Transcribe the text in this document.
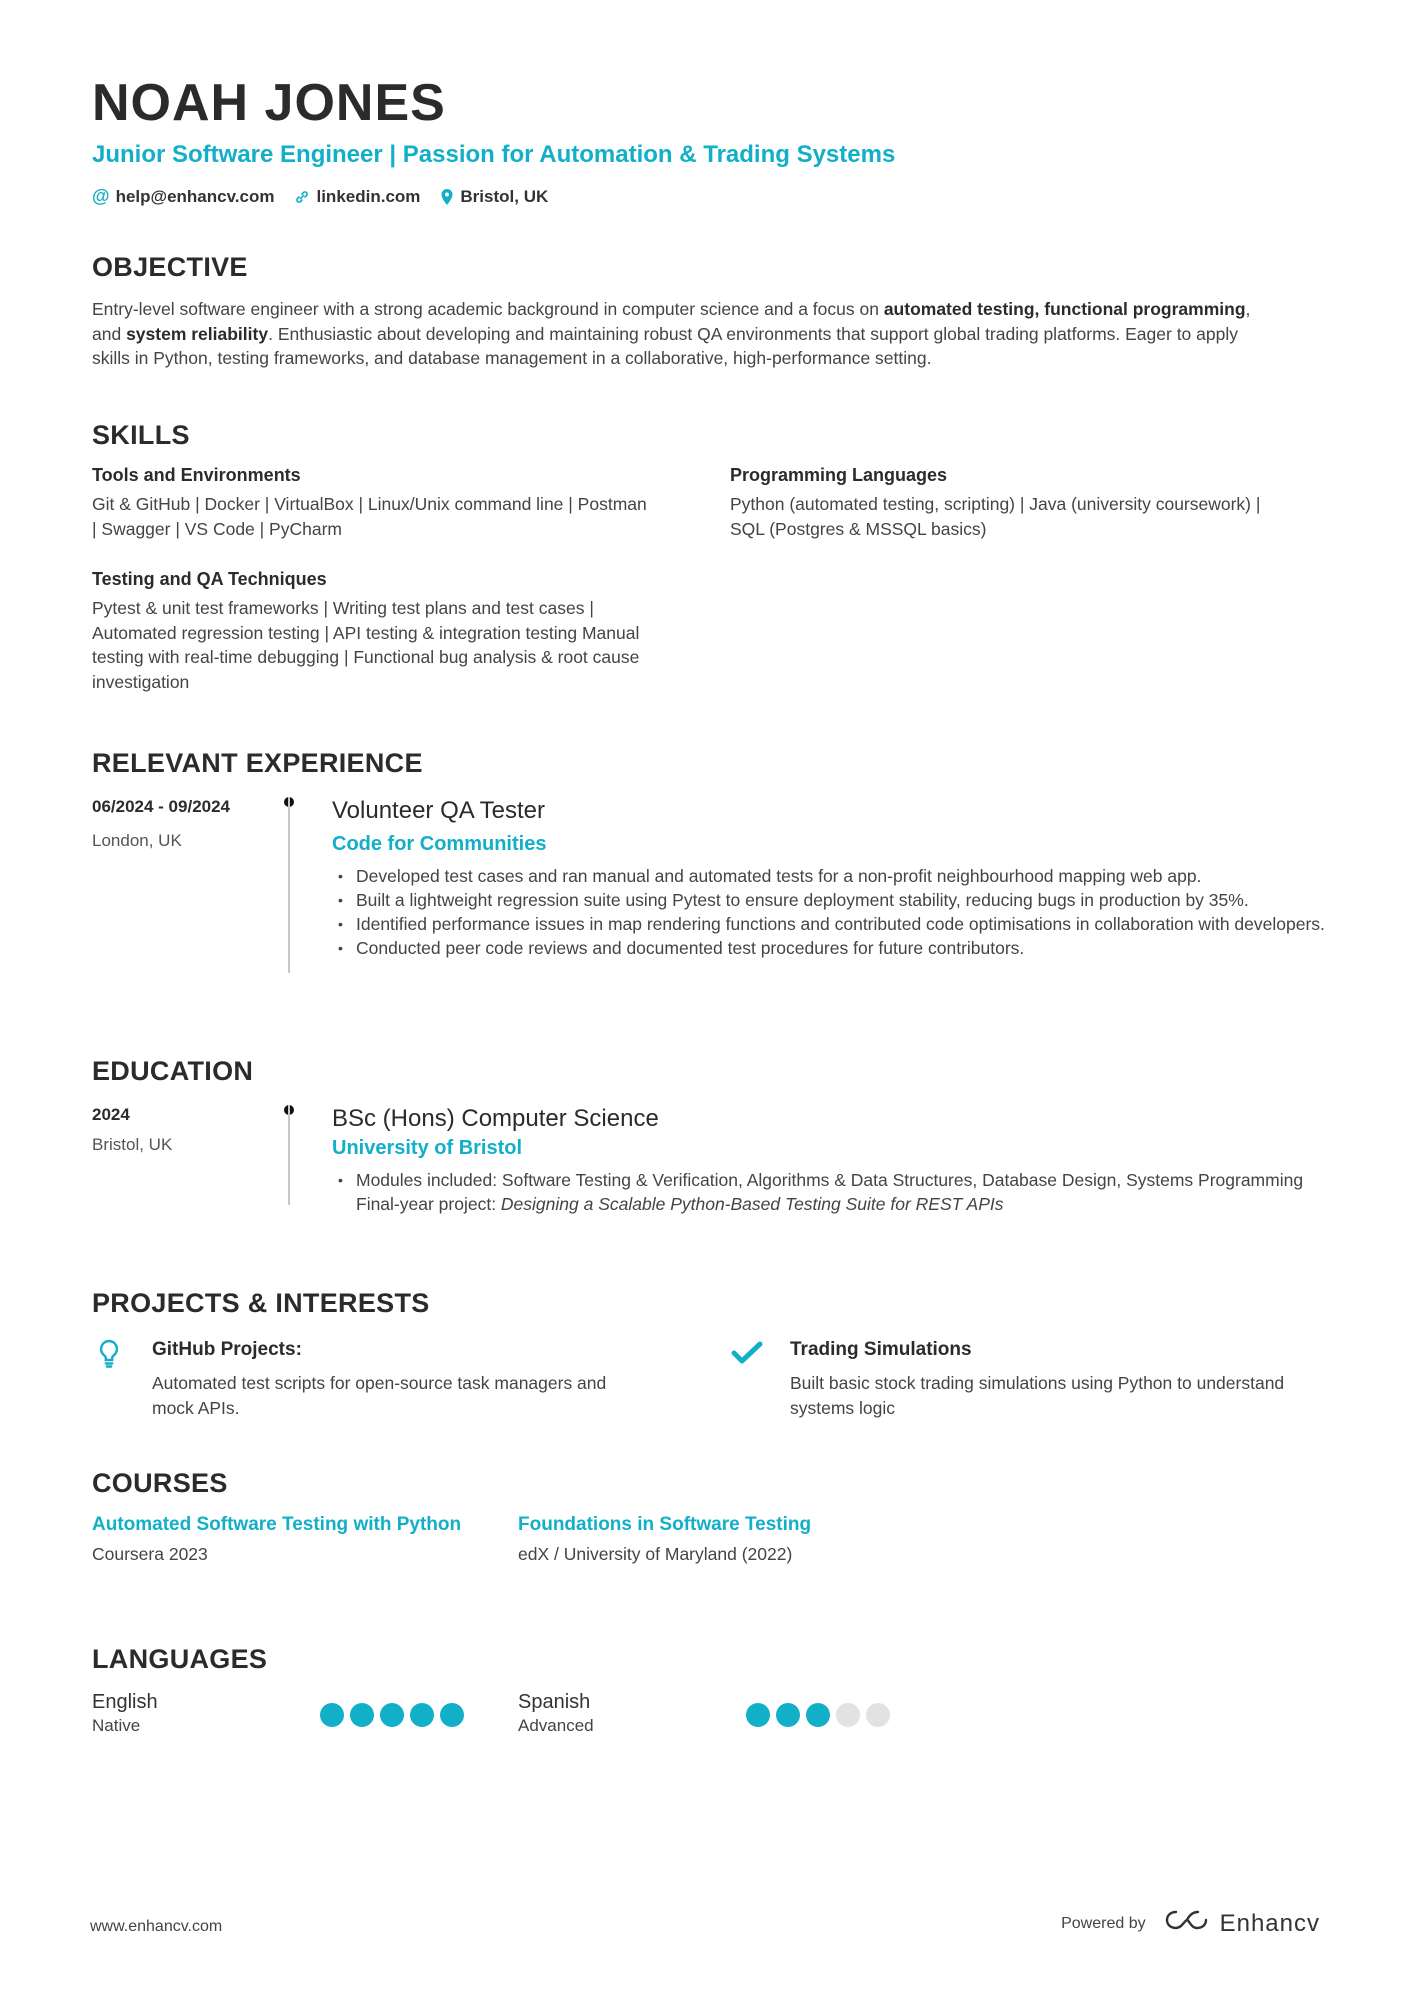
NOAH JONES
Junior Software Engineer | Passion for Automation & Trading Systems
@ help@enhancv.com linkedin.com Bristol, UK
OBJECTIVE
Entry-level software engineer with a strong academic background in computer science and a focus on automated testing, functional programming, and system reliability. Enthusiastic about developing and maintaining robust QA environments that support global trading platforms. Eager to apply skills in Python, testing frameworks, and database management in a collaborative, high-performance setting.
SKILLS
Tools and Environments
Git & GitHub | Docker | VirtualBox | Linux/Unix command line | Postman | Swagger | VS Code | PyCharm
Programming Languages
Python (automated testing, scripting) | Java (university coursework) | SQL (Postgres & MSSQL basics)
Testing and QA Techniques
Pytest & unit test frameworks | Writing test plans and test cases | Automated regression testing | API testing & integration testing Manual testing with real-time debugging | Functional bug analysis & root cause investigation
RELEVANT EXPERIENCE
06/2024 - 09/2024
London, UK
Volunteer QA Tester
Code for Communities
• Developed test cases and ran manual and automated tests for a non-profit neighbourhood mapping web app.
• Built a lightweight regression suite using Pytest to ensure deployment stability, reducing bugs in production by 35%.
• Identified performance issues in map rendering functions and contributed code optimisations in collaboration with developers.
• Conducted peer code reviews and documented test procedures for future contributors.
EDUCATION
2024
Bristol, UK
BSc (Hons) Computer Science
University of Bristol
• Modules included: Software Testing & Verification, Algorithms & Data Structures, Database Design, Systems Programming
Final-year project: Designing a Scalable Python-Based Testing Suite for REST APIs
PROJECTS & INTERESTS
GitHub Projects:
Automated test scripts for open-source task managers and mock APIs.
Trading Simulations
Built basic stock trading simulations using Python to understand systems logic
COURSES
Automated Software Testing with Python
Coursera 2023
Foundations in Software Testing
edX / University of Maryland (2022)
LANGUAGES
English
Native
Spanish
Advanced
www.enhancv.com	Powered by	Enhancv
